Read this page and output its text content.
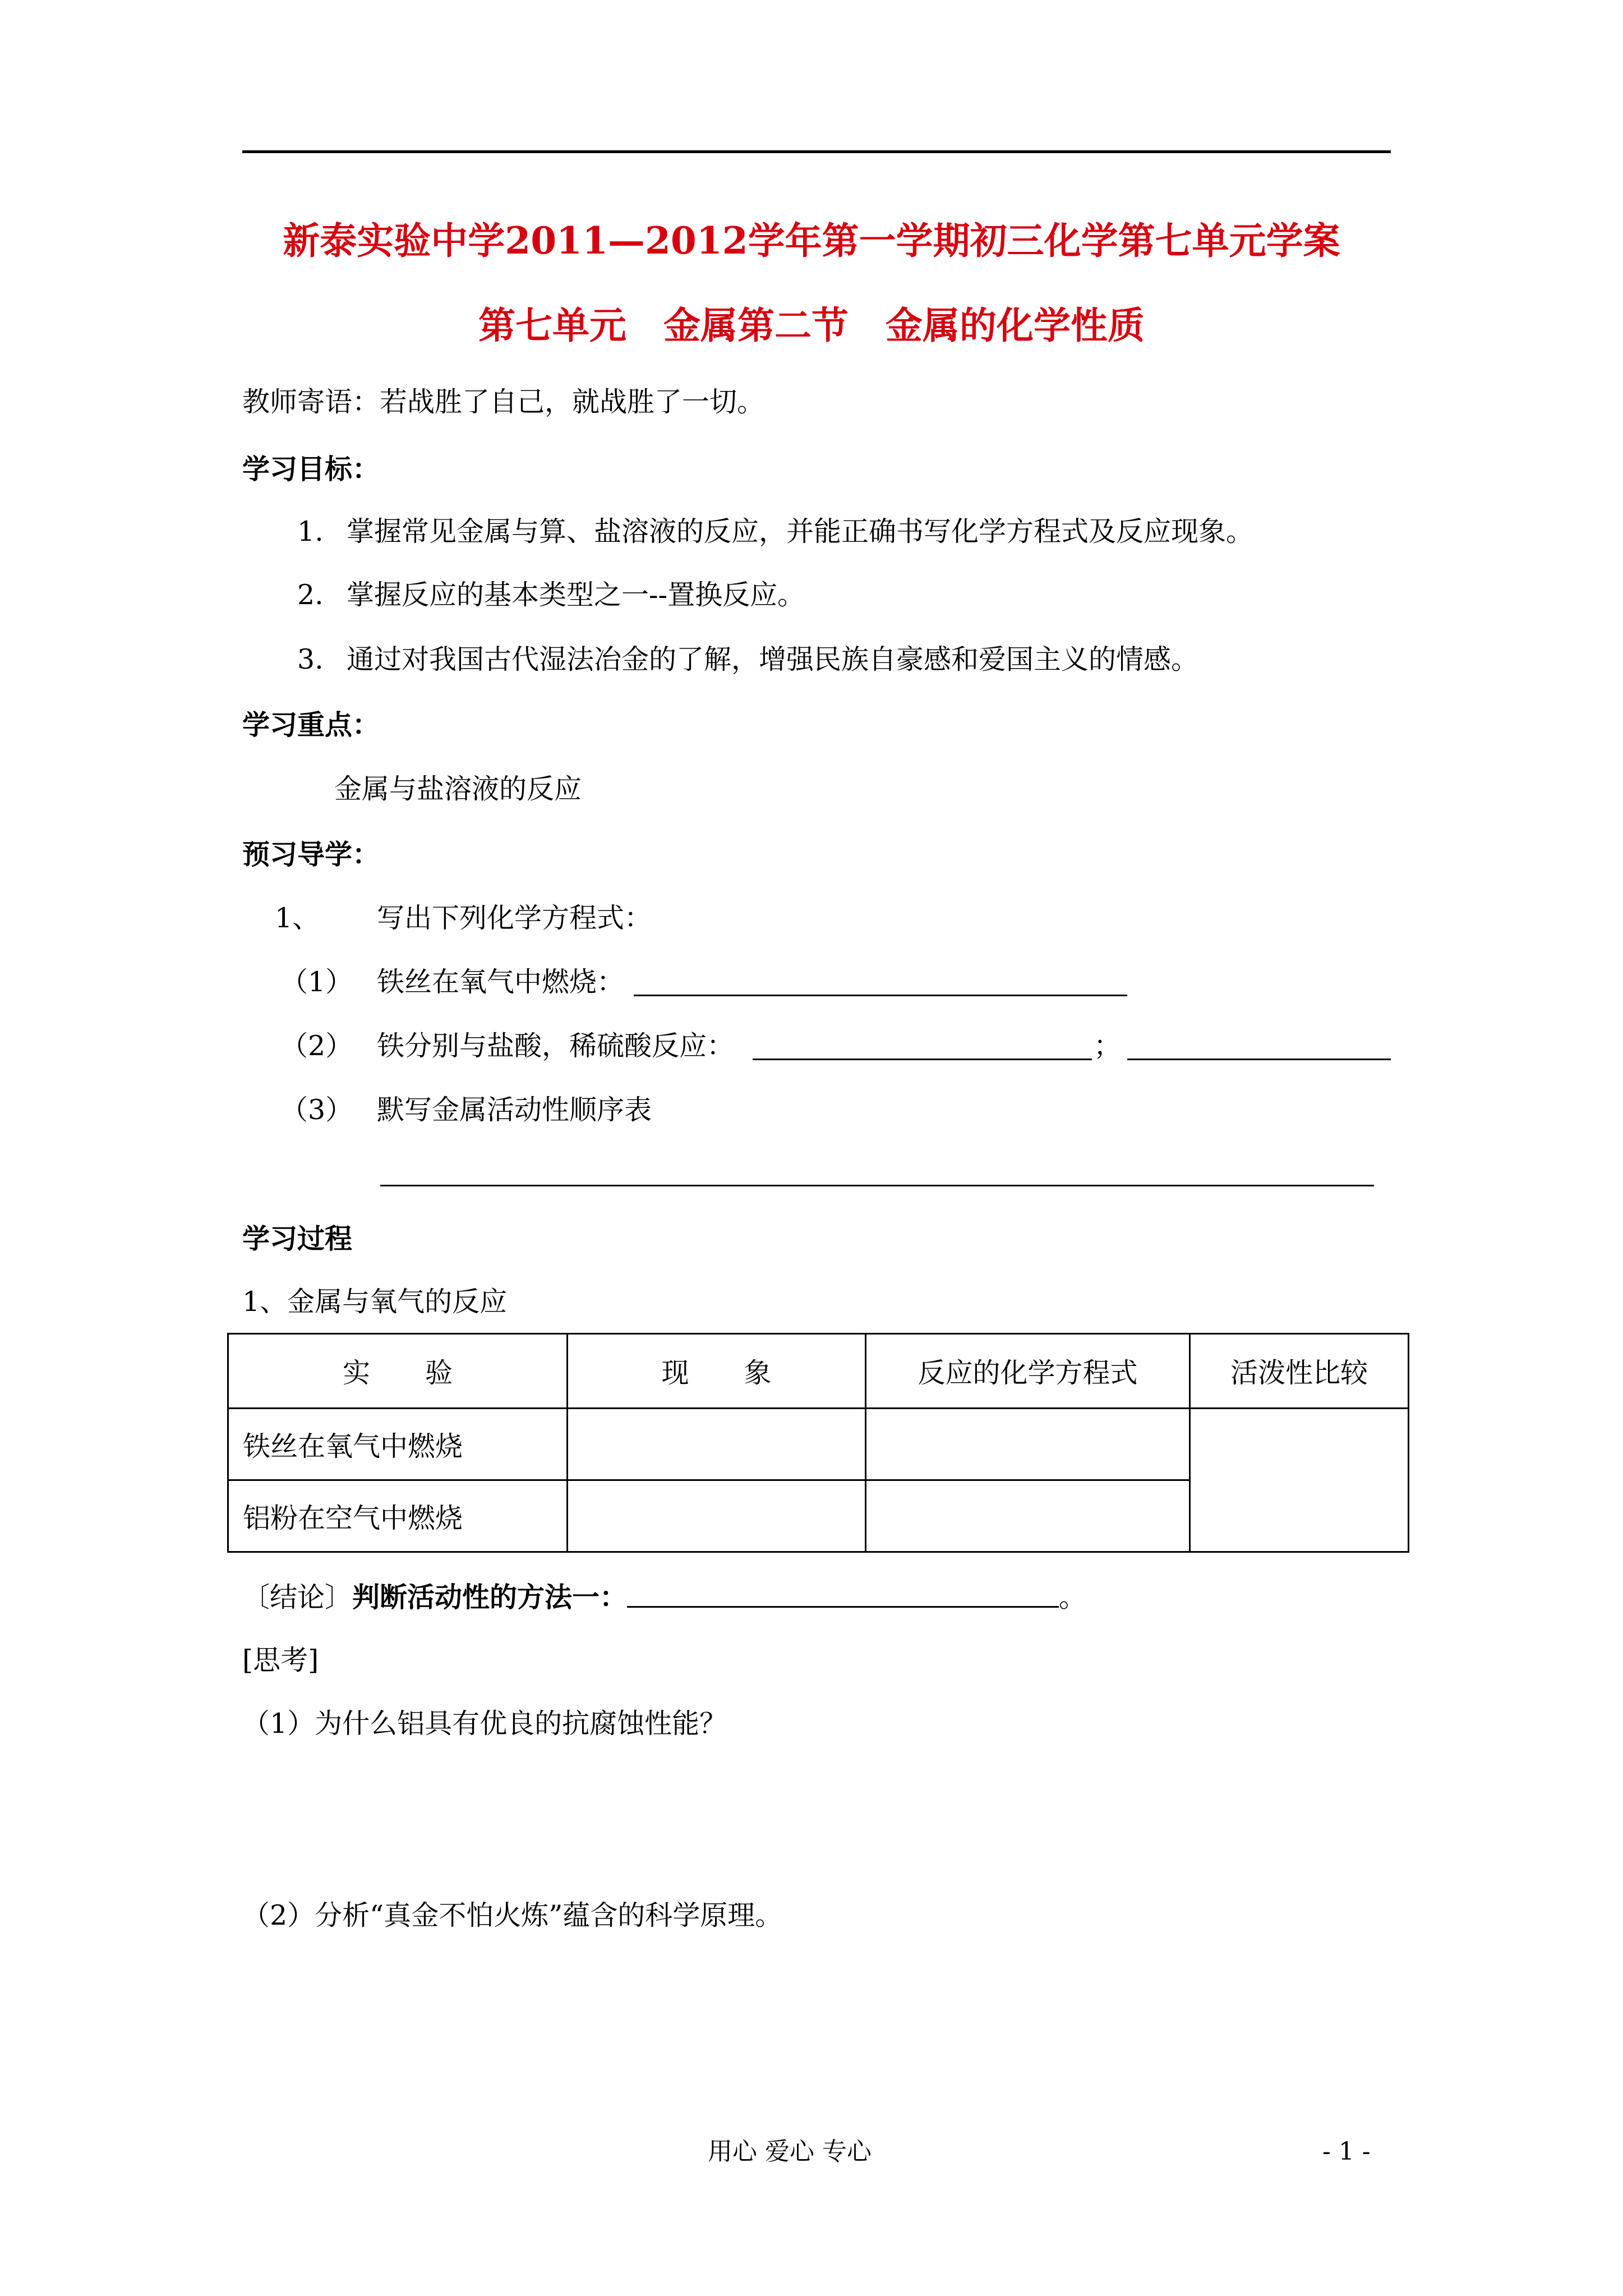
新泰实验中学2011—2012学年第一学期初三化学第七单元学案
第七单元　金属第二节　金属的化学性质
教师寄语：若战胜了自己，就战胜了一切。
学习目标：
1. 掌握常见金属与算、盐溶液的反应，并能正确书写化学方程式及反应现象。
2. 掌握反应的基本类型之一--置换反应。
3. 通过对我国古代湿法冶金的了解，增强民族自豪感和爱国主义的情感。
学习重点：
金属与盐溶液的反应
预习导学：
1、 写出下列化学方程式：
（1） 铁丝在氧气中燃烧：
（2） 铁分别与盐酸，稀硫酸反应：	；
（3） 默写金属活动性顺序表
学习过程
1、金属与氧气的反应
实　　验	现　　象	反应的化学方程式	活泼性比较
铁丝在氧气中燃烧			
铝粉在空气中燃烧			
〔结论〕判断活动性的方法一：	。
[思考]
（1）为什么铝具有优良的抗腐蚀性能？
（2）分析“真金不怕火炼”蕴含的科学原理。
用心 爱心 专心	- 1 -
